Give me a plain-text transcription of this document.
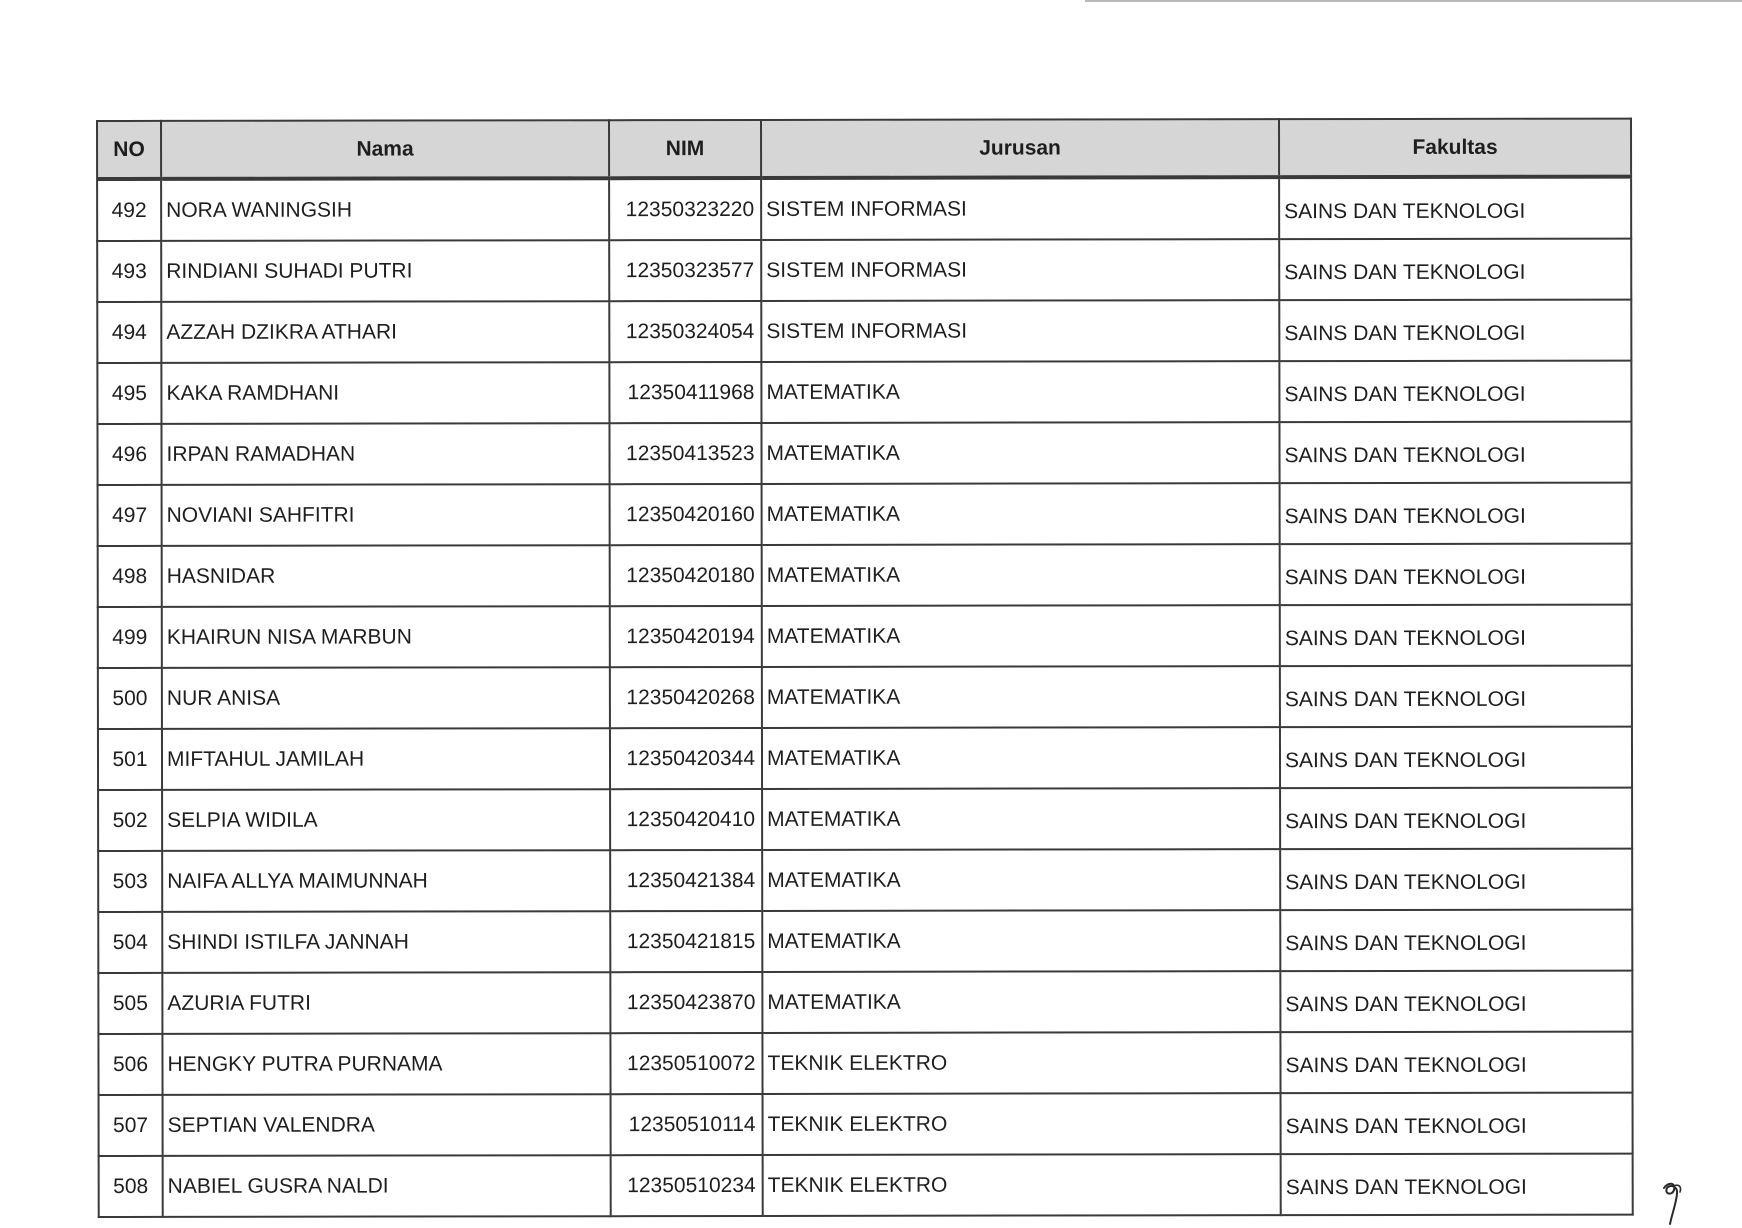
NO	Nama	NIM	Jurusan	Fakultas
492	NORA WANINGSIH	12350323220	SISTEM INFORMASI	SAINS DAN TEKNOLOGI
493	RINDIANI SUHADI PUTRI	12350323577	SISTEM INFORMASI	SAINS DAN TEKNOLOGI
494	AZZAH DZIKRA ATHARI	12350324054	SISTEM INFORMASI	SAINS DAN TEKNOLOGI
495	KAKA RAMDHANI	12350411968	MATEMATIKA	SAINS DAN TEKNOLOGI
496	IRPAN RAMADHAN	12350413523	MATEMATIKA	SAINS DAN TEKNOLOGI
497	NOVIANI SAHFITRI	12350420160	MATEMATIKA	SAINS DAN TEKNOLOGI
498	HASNIDAR	12350420180	MATEMATIKA	SAINS DAN TEKNOLOGI
499	KHAIRUN NISA MARBUN	12350420194	MATEMATIKA	SAINS DAN TEKNOLOGI
500	NUR ANISA	12350420268	MATEMATIKA	SAINS DAN TEKNOLOGI
501	MIFTAHUL JAMILAH	12350420344	MATEMATIKA	SAINS DAN TEKNOLOGI
502	SELPIA WIDILA	12350420410	MATEMATIKA	SAINS DAN TEKNOLOGI
503	NAIFA ALLYA MAIMUNNAH	12350421384	MATEMATIKA	SAINS DAN TEKNOLOGI
504	SHINDI ISTILFA JANNAH	12350421815	MATEMATIKA	SAINS DAN TEKNOLOGI
505	AZURIA FUTRI	12350423870	MATEMATIKA	SAINS DAN TEKNOLOGI
506	HENGKY PUTRA PURNAMA	12350510072	TEKNIK ELEKTRO	SAINS DAN TEKNOLOGI
507	SEPTIAN VALENDRA	12350510114	TEKNIK ELEKTRO	SAINS DAN TEKNOLOGI
508	NABIEL GUSRA NALDI	12350510234	TEKNIK ELEKTRO	SAINS DAN TEKNOLOGI
